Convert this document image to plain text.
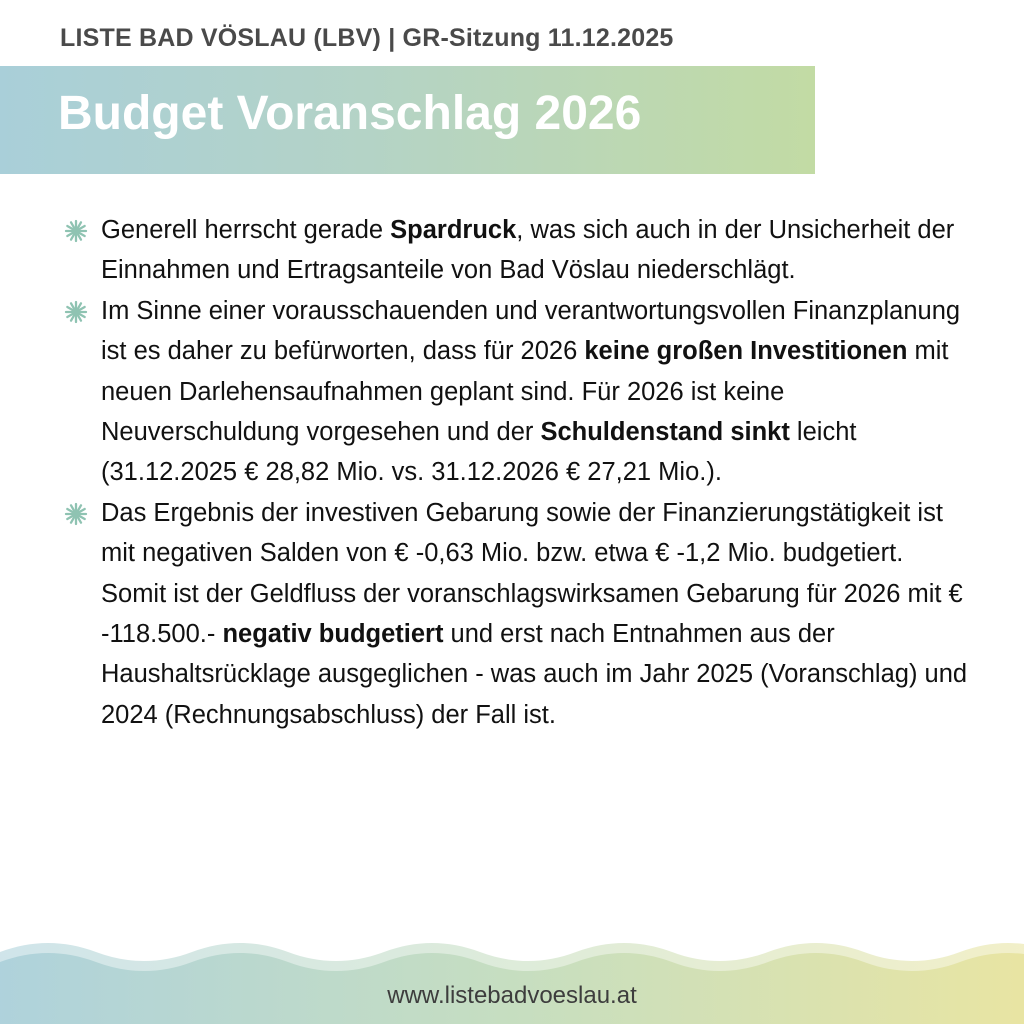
LISTE BAD VÖSLAU (LBV) | GR-Sitzung 11.12.2025
Budget Voranschlag 2026
Generell herrscht gerade Spardruck, was sich auch in der Unsicherheit der Einnahmen und Ertragsanteile von Bad Vöslau niederschlägt.
Im Sinne einer vorausschauenden und verantwortungsvollen Finanzplanung ist es daher zu befürworten, dass für 2026 keine großen Investitionen mit neuen Darlehensaufnahmen geplant sind. Für 2026 ist keine Neuverschuldung vorgesehen und der Schuldenstand sinkt leicht (31.12.2025 € 28,82 Mio. vs. 31.12.2026 € 27,21 Mio.).
Das Ergebnis der investiven Gebarung sowie der Finanzierungstätigkeit ist mit negativen Salden von € -0,63 Mio. bzw. etwa € -1,2 Mio. budgetiert. Somit ist der Geldfluss der voranschlagswirksamen Gebarung für 2026 mit € -118.500.- negativ budgetiert und erst nach Entnahmen aus der Haushaltsrücklage ausgeglichen - was auch im Jahr 2025 (Voranschlag) und 2024 (Rechnungsabschluss) der Fall ist.
www.listebadvoeslau.at
